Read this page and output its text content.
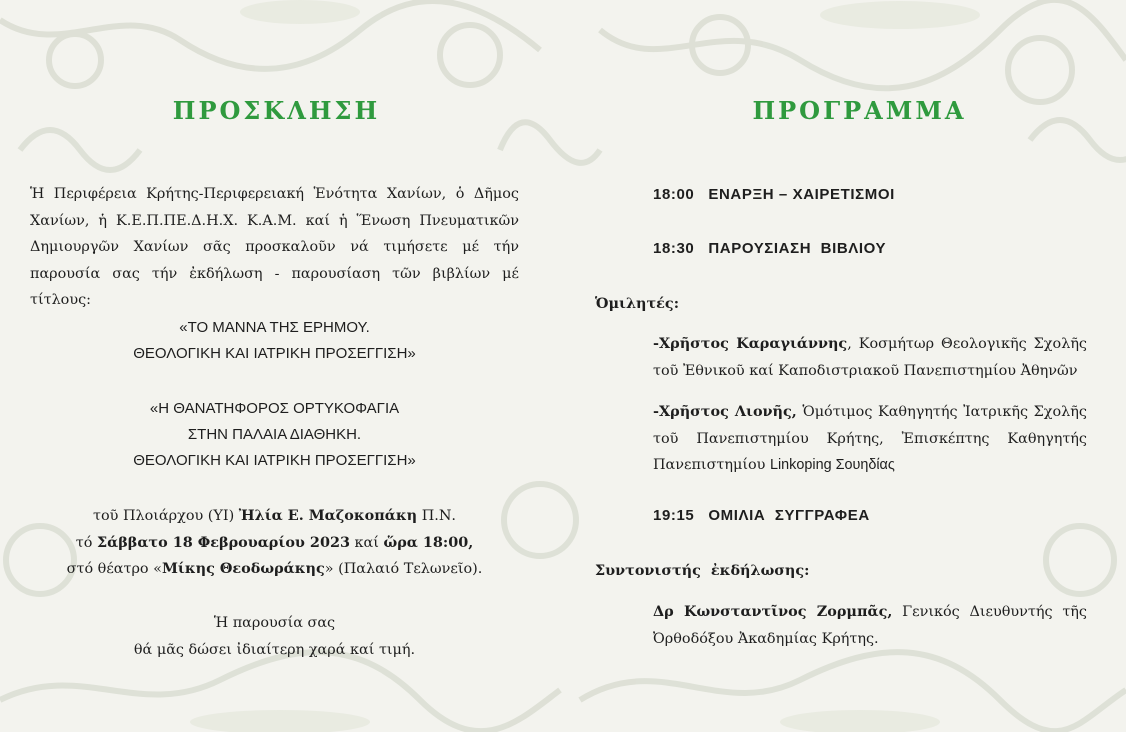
ΠΡΟΣΚΛΗΣΗ
Ἡ Περιφέρεια Κρήτης-Περιφερειακή Ἑνότητα Χανίων, ὁ Δῆμος Χανίων, ἡ Κ.Ε.Π.ΠΕ.Δ.Η.Χ. Κ.Α.Μ. καί ἡ Ἕνωση Πνευματικῶν Δημιουργῶν Χανίων σᾶς προσκαλοῦν νά τιμήσετε μέ τήν παρουσία σας τήν ἐκδήλωση - παρουσίαση τῶν βιβλίων μέ τίτλους:
«ΤΟ ΜΑΝΝΑ ΤΗΣ ΕΡΗΜΟΥ.
ΘΕΟΛΟΓΙΚΗ ΚΑΙ ΙΑΤΡΙΚΗ ΠΡΟΣΕΓΓΙΣΗ»
«Η ΘΑΝΑΤΗΦΟΡΟΣ ΟΡΤΥΚΟΦΑΓΙΑ
ΣΤΗΝ ΠΑΛΑΙΑ ΔΙΑΘΗΚΗ.
ΘΕΟΛΟΓΙΚΗ ΚΑΙ ΙΑΤΡΙΚΗ ΠΡΟΣΕΓΓΙΣΗ»
τοῦ Πλοιάρχου (ΥΙ) Ἠλία Ε. Μαζοκοπάκη Π.Ν.
τό Σάββατο 18 Φεβρουαρίου 2023 καί ὥρα 18:00,
στό θέατρο «Μίκης Θεοδωράκης» (Παλαιό Τελωνεῖο).
Ἡ παρουσία σας
θά μᾶς δώσει ἰδιαίτερη χαρά καί τιμή.
ΠΡΟΓΡΑΜΜΑ
18:00 ΕΝΑΡΞΗ – ΧΑΙΡΕΤΙΣΜΟΙ
18:30 ΠΑΡΟΥΣΙΑΣΗ  ΒΙΒΛΙΟΥ
Ὁμιλητές:
-Χρῆστος Καραγιάννης, Κοσμήτωρ Θεολογικῆς Σχολῆς τοῦ Ἐθνικοῦ καί Καποδιστριακοῦ Πανεπιστημίου Ἀθηνῶν
-Χρῆστος Λιονῆς, Ὁμότιμος Καθηγητής Ἰατρικῆς Σχολῆς τοῦ Πανεπιστημίου Κρήτης, Ἐπισκέπτης Καθηγητής Πανεπιστημίου Linkoping Σουηδίας
19:15 ΟΜΙΛΙΑ  ΣΥΓΓΡΑΦΕΑ
Συντονιστής  ἐκδήλωσης:
Δρ Κωνσταντῖνος Ζορμπᾶς, Γενικός Διευθυντής τῆς Ὀρθοδόξου Ἀκαδημίας Κρήτης.
